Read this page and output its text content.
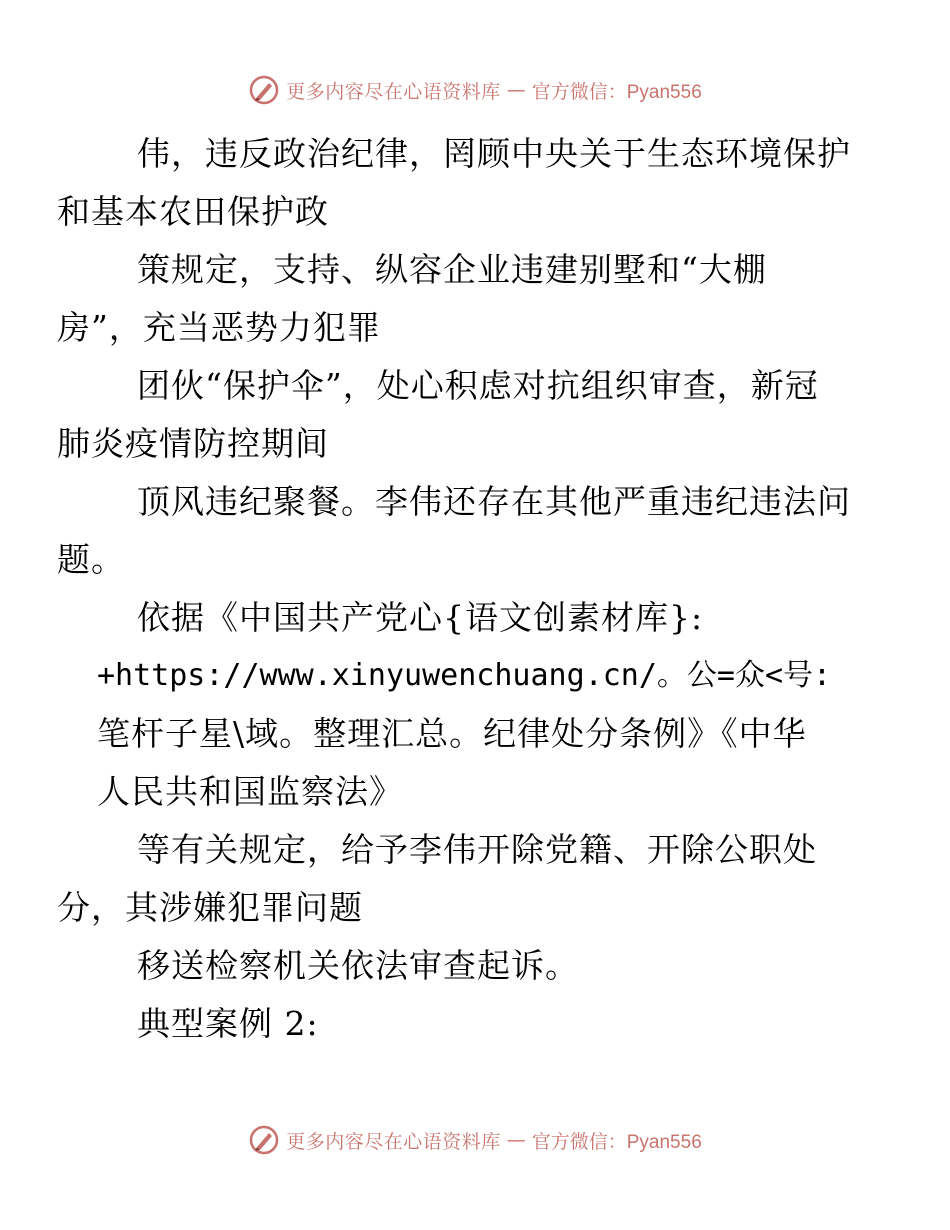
更多内容尽在心语资料库 — 官方微信：Pyan556

伟，违反政治纪律，罔顾中央关于生态环境保护
和基本农田保护政

策规定，支持、纵容企业违建别墅和“大棚
房”，充当恶势力犯罪

团伙“保护伞”，处心积虑对抗组织审查，新冠
肺炎疫情防控期间

顶风违纪聚餐。李伟还存在其他严重违纪违法问
题。

依据《中国共产党心{语文创素材库}:

+https://www.xinyuwenchuang.cn/。公=众<号:

笔杆子星\域。整理汇总。纪律处分条例》《中华
人民共和国监察法》

等有关规定，给予李伟开除党籍、开除公职处
分，其涉嫌犯罪问题

移送检察机关依法审查起诉。

典型案例 2:

更多内容尽在心语资料库 — 官方微信：Pyan556
